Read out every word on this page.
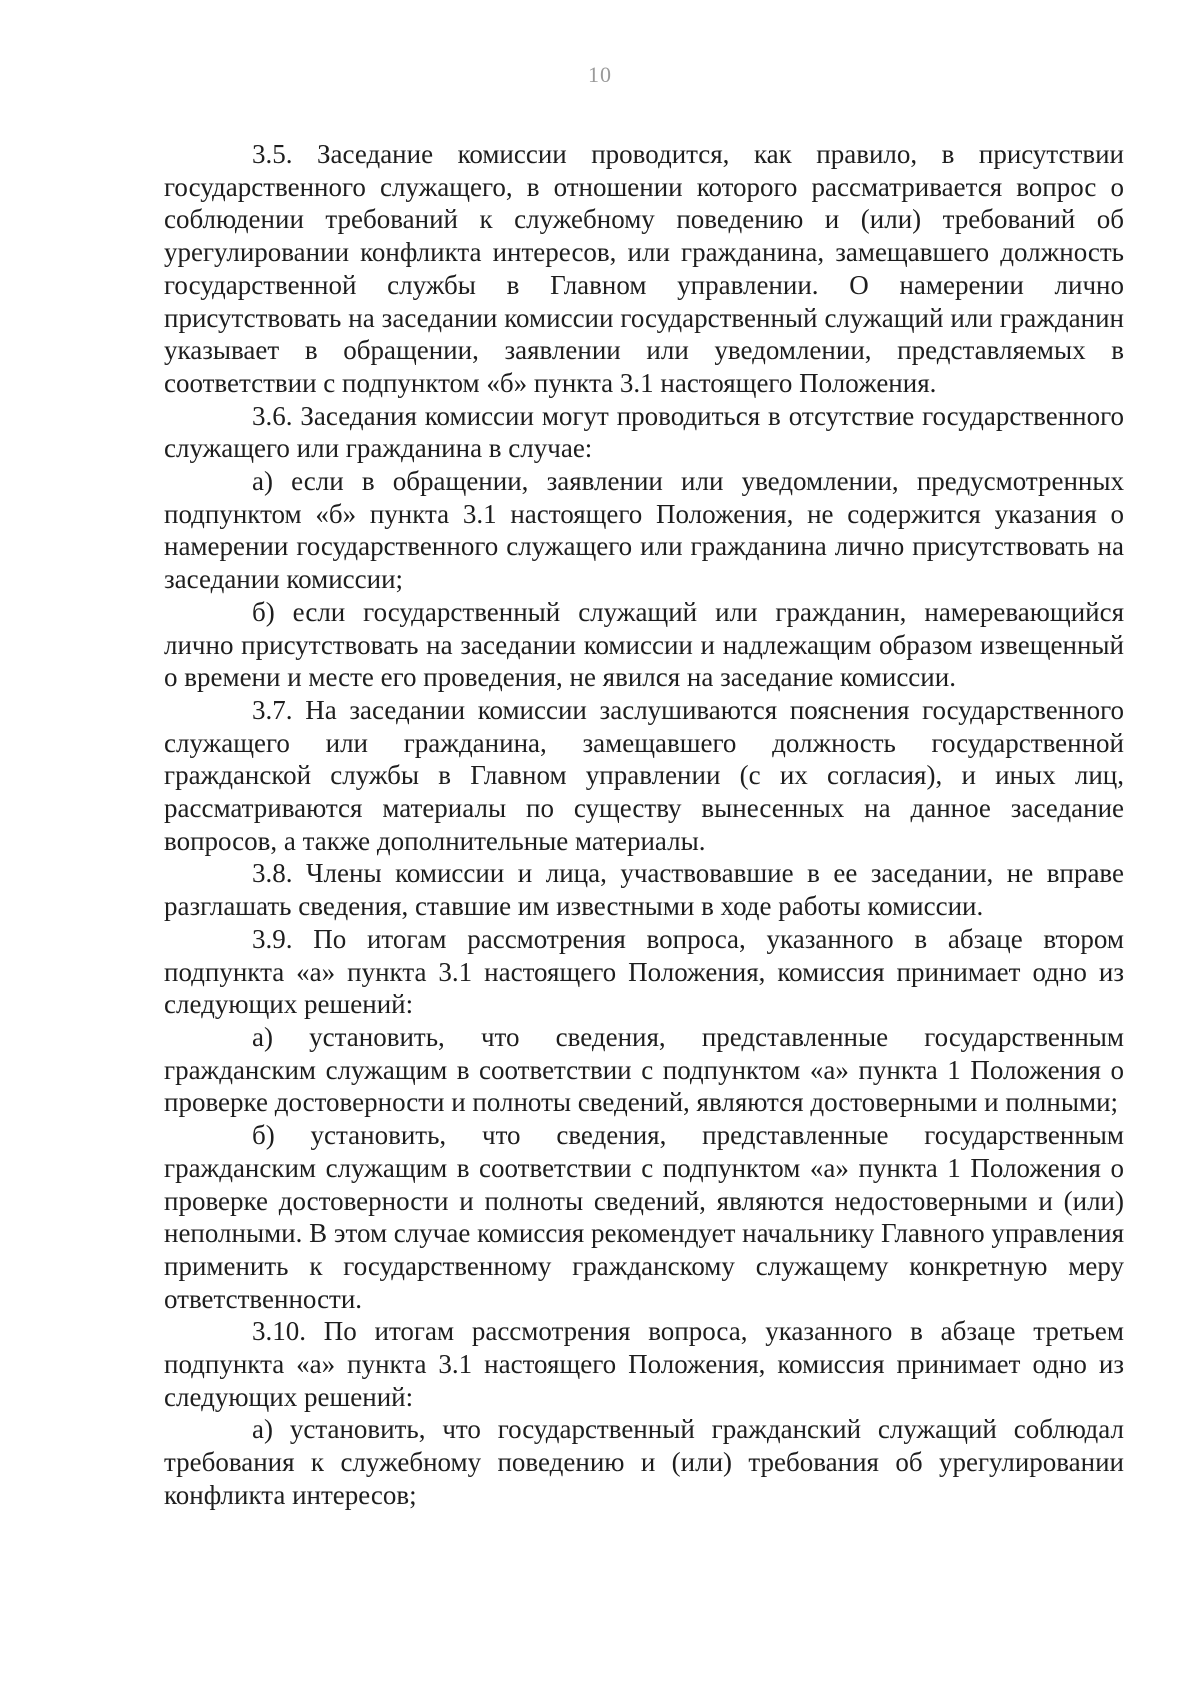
10

3.5. Заседание комиссии проводится, как правило, в присутствии государственного служащего, в отношении которого рассматривается вопрос о соблюдении требований к служебному поведению и (или) требований об урегулировании конфликта интересов, или гражданина, замещавшего должность государственной службы в Главном управлении. О намерении лично присутствовать на заседании комиссии государственный служащий или гражданин указывает в обращении, заявлении или уведомлении, представляемых в соответствии с подпунктом «б» пункта 3.1 настоящего Положения.

3.6. Заседания комиссии могут проводиться в отсутствие государственного служащего или гражданина в случае:

а) если в обращении, заявлении или уведомлении, предусмотренных подпунктом «б» пункта 3.1 настоящего Положения, не содержится указания о намерении государственного служащего или гражданина лично присутствовать на заседании комиссии;

б) если государственный служащий или гражданин, намеревающийся лично присутствовать на заседании комиссии и надлежащим образом извещенный о времени и месте его проведения, не явился на заседание комиссии.

3.7. На заседании комиссии заслушиваются пояснения государственного служащего или гражданина, замещавшего должность государственной гражданской службы в Главном управлении (с их согласия), и иных лиц, рассматриваются материалы по существу вынесенных на данное заседание вопросов, а также дополнительные материалы.

3.8. Члены комиссии и лица, участвовавшие в ее заседании, не вправе разглашать сведения, ставшие им известными в ходе работы комиссии.

3.9. По итогам рассмотрения вопроса, указанного в абзаце втором подпункта «а» пункта 3.1 настоящего Положения, комиссия принимает одно из следующих решений:

а) установить, что сведения, представленные государственным гражданским служащим в соответствии с подпунктом «а» пункта 1 Положения о проверке достоверности и полноты сведений, являются достоверными и полными;

б) установить, что сведения, представленные государственным гражданским служащим в соответствии с подпунктом «а» пункта 1 Положения о проверке достоверности и полноты сведений, являются недостоверными и (или) неполными. В этом случае комиссия рекомендует начальнику Главного управления применить к государственному гражданскому служащему конкретную меру ответственности.

3.10. По итогам рассмотрения вопроса, указанного в абзаце третьем подпункта «а» пункта 3.1 настоящего Положения, комиссия принимает одно из следующих решений:

а) установить, что государственный гражданский служащий соблюдал требования к служебному поведению и (или) требования об урегулировании конфликта интересов;
